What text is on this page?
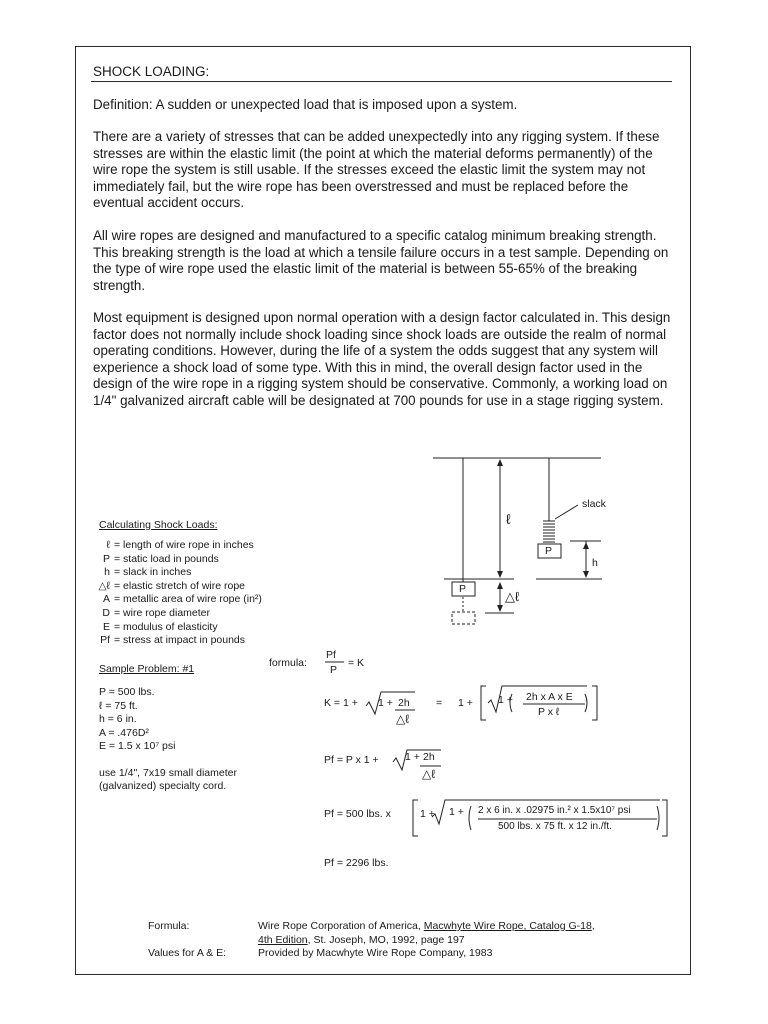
SHOCK LOADING:

Definition: A sudden or unexpected load that is imposed upon a system.

There are a variety of stresses that can be added unexpectedly into any rigging system. If these stresses are within the elastic limit (the point at which the material deforms permanently) of the wire rope the system is still usable. If the stresses exceed the elastic limit the system may not immediately fail, but the wire rope has been overstressed and must be replaced before the eventual accident occurs.

All wire ropes are designed and manufactured to a specific catalog minimum breaking strength. This breaking strength is the load at which a tensile failure occurs in a test sample. Depending on the type of wire rope used the elastic limit of the material is between 55-65% of the breaking strength.

Most equipment is designed upon normal operation with a design factor calculated in. This design factor does not normally include shock loading since shock loads are outside the realm of normal operating conditions. However, during the life of a system the odds suggest that any system will experience a shock load of some type. With this in mind, the overall design factor used in the design of the wire rope in a rigging system should be conservative. Commonly, a working load on 1/4" galvanized aircraft cable will be designated at 700 pounds for use in a stage rigging system.

slack
ℓ
P
h
P	△ℓ
Calculating Shock Loads:
ℓ = length of wire rope in inches
P = static load in pounds
h = slack in inches
△ℓ = elastic stretch of wire rope
A = metallic area of wire rope (in²)
D = wire rope diameter
E = modulus of elasticity
Pf = stress at impact in pounds
Sample Problem: #1
P = 500 lbs.
ℓ = 75 ft.
h = 6 in.
A = .476D²
E = 1.5 x 10⁷ psi
use 1/4", 7x19 small diameter
(galvanized) specialty cord.
formula:
Pf
P
= K
K = 1 + 1 + 2h
△ℓ
= 1 + 1 + 2h x A x E
P x ℓ
Pf = P x 1 +	1 + 2h
△ℓ
Pf = 500 lbs. x	1 + 1 + 2 x 6 in. x .02975 in.² x 1.5x10⁷ psi
500 lbs. x 75 ft. x 12 in./ft.
Pf = 2296 lbs.
Formula:	Wire Rope Corporation of America, Macwhyte Wire Rope, Catalog G-18,
4th Edition, St. Joseph, MO, 1992, page 197
Values for A & E:	Provided by Macwhyte Wire Rope Company, 1983
